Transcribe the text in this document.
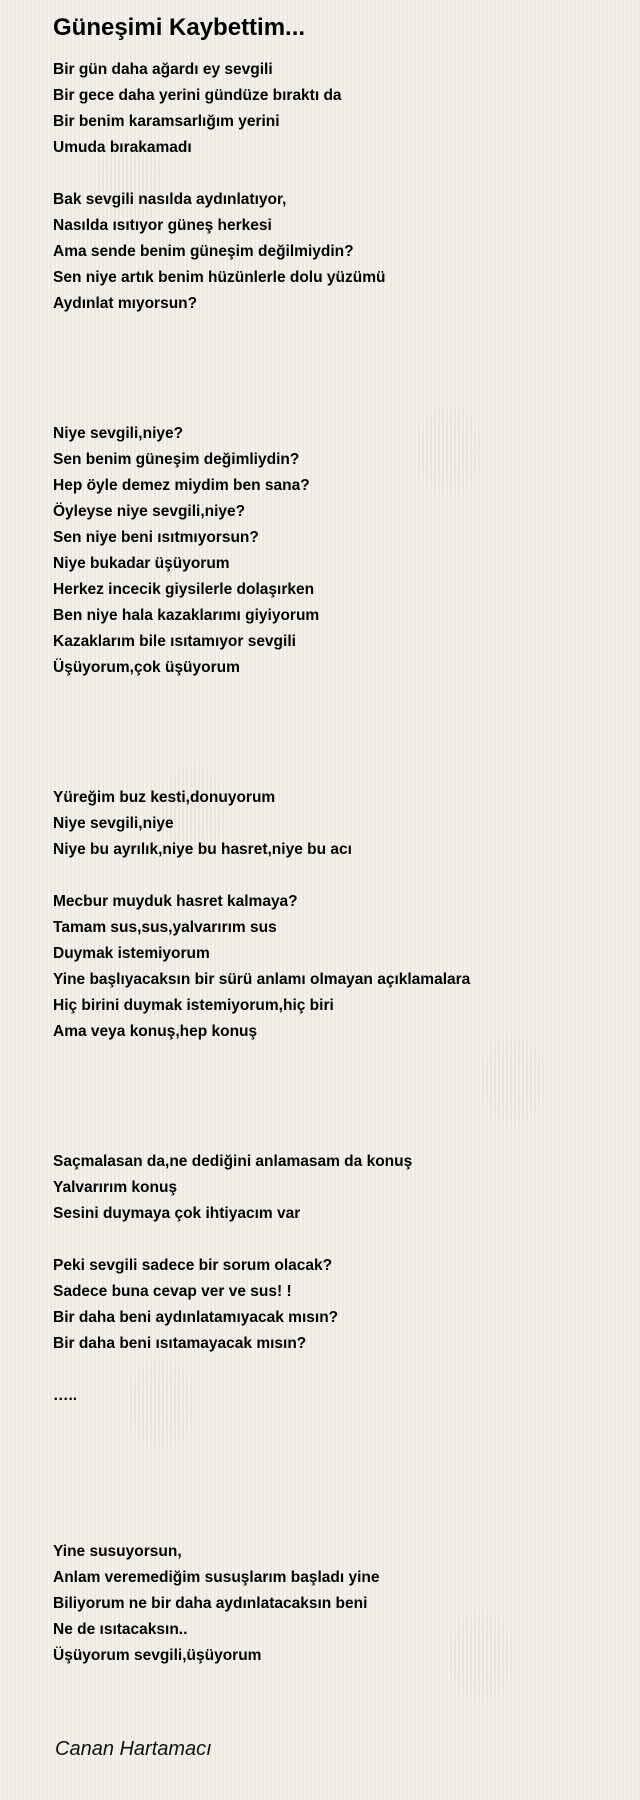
Güneşimi Kaybettim...
Bir gün daha ağardı ey sevgili
Bir gece daha yerini gündüze bıraktı da
Bir benim karamsarlığım yerini
Umuda bırakamadı
Bak sevgili nasılda aydınlatıyor,
Nasılda ısıtıyor güneş herkesi
Ama sende benim güneşim değilmiydin?
Sen niye artık benim hüzünlerle dolu yüzümü
Aydınlat mıyorsun?
Niye sevgili,niye?
Sen benim güneşim değimliydin?
Hep öyle demez miydim ben sana?
Öyleyse niye sevgili,niye?
Sen niye beni ısıtmıyorsun?
Niye bukadar üşüyorum
Herkez incecik giysilerle dolaşırken
Ben niye hala kazaklarımı giyiyorum
Kazaklarım bile ısıtamıyor sevgili
Üşüyorum,çok üşüyorum
Yüreğim buz kesti,donuyorum
Niye sevgili,niye
Niye bu ayrılık,niye bu hasret,niye bu acı
Mecbur muyduk hasret kalmaya?
Tamam sus,sus,yalvarırım sus
Duymak istemiyorum
Yine başlıyacaksın bir sürü anlamı olmayan açıklamalara
Hiç birini duymak istemiyorum,hiç biri
Ama veya konuş,hep konuş
Saçmalasan da,ne dediğini anlamasam da konuş
Yalvarırım konuş
Sesini duymaya çok ihtiyacım var
Peki sevgili sadece bir sorum olacak?
Sadece buna cevap ver ve sus! !
Bir daha beni aydınlatamıyacak mısın?
Bir daha beni ısıtamayacak mısın?
…..
Yine susuyorsun,
Anlam veremediğim susuşlarım başladı yine
Biliyorum ne bir daha aydınlatacaksın beni
Ne de ısıtacaksın..
Üşüyorum sevgili,üşüyorum
Canan Hartamacı
